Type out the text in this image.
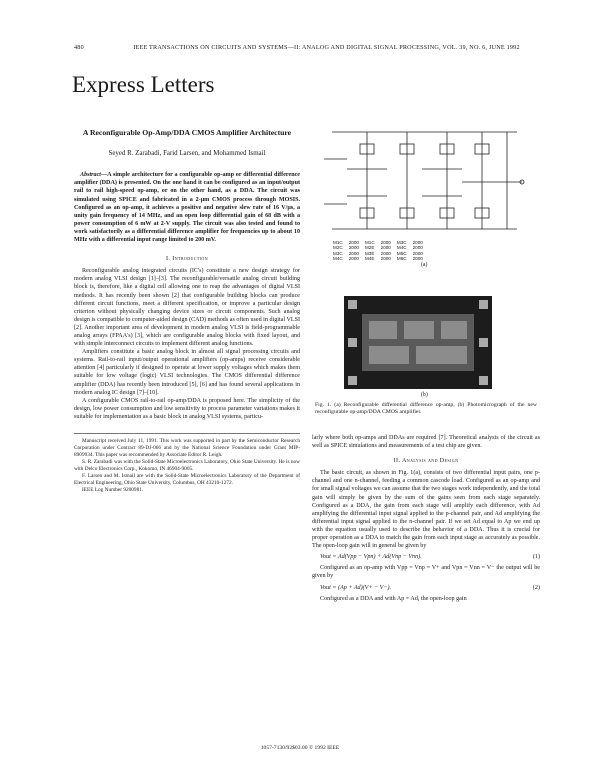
480	IEEE TRANSACTIONS ON CIRCUITS AND SYSTEMS—II: ANALOG AND DIGITAL SIGNAL PROCESSING, VOL. 39, NO. 6, JUNE 1992
Express Letters
A Reconfigurable Op-Amp/DDA CMOS Amplifier Architecture
Seyed R. Zarabadi, Farid Larsen, and Mohammed Ismail
Abstract—A simple architecture for a configurable op-amp or differential difference amplifier (DDA) is presented. On the one hand it can be configured as an input/output rail to rail high-speed op-amp, or on the other hand, as a DDA. The circuit was simulated using SPICE and fabricated in a 2-μm CMOS process through MOSIS. Configured as an op-amp, it achieves a positive and negative slew rate of 16 V/μs, a unity gain frequency of 14 MHz, and an open loop differential gain of 68 dB with a power consumption of 6 mW at 2-V supply. The circuit was also tested and found to work satisfactorily as a differential difference amplifier for frequencies up to about 10 MHz with a differential input range limited to 200 mV.
I. Introduction

Reconfigurable analog integrated circuits (IC's) constitute a new design strategy for modern analog VLSI design [1]–[3]. The reconfigurable/versatile analog circuit building block is, therefore, like a digital cell allowing one to reap the advantages of digital VLSI methods. It has recently been shown [2] that configurable building blocks can produce different circuit functions, meet a different specification, or improve a particular design criterion without physically changing device sizes or circuit components. Such analog design is compatible to computer-aided design (CAD) methods as often used in digital VLSI [2]. Another important area of development in modern analog VLSI is field-programmable analog arrays (FPAA's) [3], which are configurable analog blocks with fixed layout, and with simple interconnect circuits to implement different analog functions.

Amplifiers constitute a basic analog block in almost all signal processing circuits and systems. Rail-to-rail input/output operational amplifiers (op-amps) receive considerable attention [4] particularly if designed to operate at lower supply voltages which makes them suitable for low voltage (logic) VLSI technologies. The CMOS differential difference amplifier (DDA) has recently been introduced [5], [6] and has found several applications in modern analog IC design [7]–[10].

A configurable CMOS rail-to-rail op-amp/DDA is proposed here. The simplicity of the design, low power consumption and low sensitivity to process parameter variations makes it suitable for implementation as a basic block in analog VLSI systems, particu-

Manuscript received July 11, 1991. This work was supported in part by the Semiconductor Research Corporation under Contract 89-DJ-066 and by the National Science Foundation under Grant MIP-8909934. This paper was recommended by Associate Editor R. Leigh.

S. R. Zarabadi was with the Solid-State Microelectronics Laboratory, Ohio State University. He is now with Delco Electronics Corp., Kokomo, IN 46904-9005.

F. Larsen and M. Ismail are with the Solid-State Microelectronics Laboratory of the Department of Electrical Engineering, Ohio State University, Columbus, OH 43210-1272.

IEEE Log Number 9200981.

M1C	2000	M1C	2000	M3C	2000
M2C	2000	M2E	2000	M4C	2000
M3C	2000	M3E	2000	M5C	2000
M4C	2000	M4E	2000	M6C	2000
(a)
(b)
Fig. 1. (a) Reconfigurable differential difference op-amp, (b) Photomicrograph of the new reconfigurable op-amp/DDA CMOS amplifier.

larly where both op-amps and DDAs are required [7]. Theoretical analysis of the circuit as well as SPICE simulations and measurements of a test chip are given.

II. Analysis and Design

The basic circuit, as shown in Fig. 1(a), consists of two differential input pairs, one p-channel and one n-channel, feeding a common cascode load. Configured as an op-amp and for small signal voltages we can assume that the two stages work independently, and the total gain will simply be given by the sum of the gains seen from each stage separately. Configured as a DDA, the gain from each stage will amplify each difference, with Ad amplifying the differential input signal applied to the p-channel pair, and Ad amplifying the differential input signal applied to the n-channel pair. If we set Ad equal to Ap we end up with the equation usually used to describe the behavior of a DDA. Thus it is crucial for proper operation as a DDA to match the gain from each input stage as accurately as possible. The open-loop gain will in general be given by

Vout = Ad(Vpp − Vpn) + Ad(Vnp − Vnn).	(1)

Configured as an op-amp with Vpp = Vnp = V+ and Vpn = Vnn = V− the output will be given by

Vout = (Ap + Ad)(V+ − V−).	(2)

Configured as a DDA and with Ap = Ad, the open-loop gain

1057-7130/92$03.00 © 1992 IEEE
